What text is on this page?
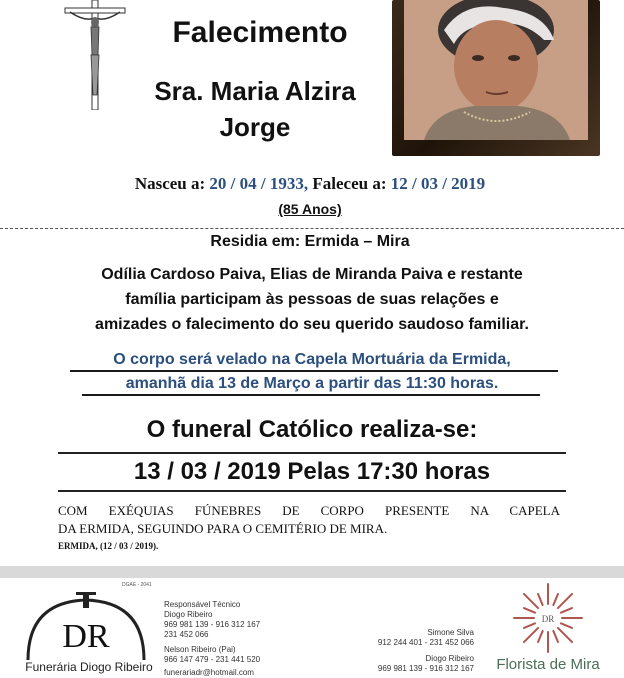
Falecimento
Sra. Maria Alzira
Jorge
Nasceu a: 20 / 04 / 1933, Faleceu a: 12 / 03 / 2019
(85 Anos)
Residia em: Ermida – Mira
Odília Cardoso Paiva, Elias de Miranda Paiva e restante
família participam às pessoas de suas relações e
amizades o falecimento do seu querido saudoso familiar.
O corpo será velado na Capela Mortuária da Ermida,
amanhã dia 13 de Março a partir das 11:30 horas.
O funeral Católico realiza-se:
13 / 03 / 2019 Pelas 17:30 horas
COM EXÉQUIAS FÚNEBRES DE CORPO PRESENTE NA CAPELA
DA ERMIDA, SEGUINDO PARA O CEMITÉRIO DE MIRA.
ERMIDA, (12 / 03 / 2019).
DGAE - 2041
DR
Funerária Diogo Ribeiro
Responsável Técnico
Diogo Ribeiro
969 981 139 - 916 312 167
231 452 066
Nelson Ribeiro (Pai)
966 147 479 - 231 441 520
funerariadr@hotmail.com
Simone Silva
912 244 401 - 231 452 066
Diogo Ribeiro
969 981 139 - 916 312 167
DR
Florista de Mira
